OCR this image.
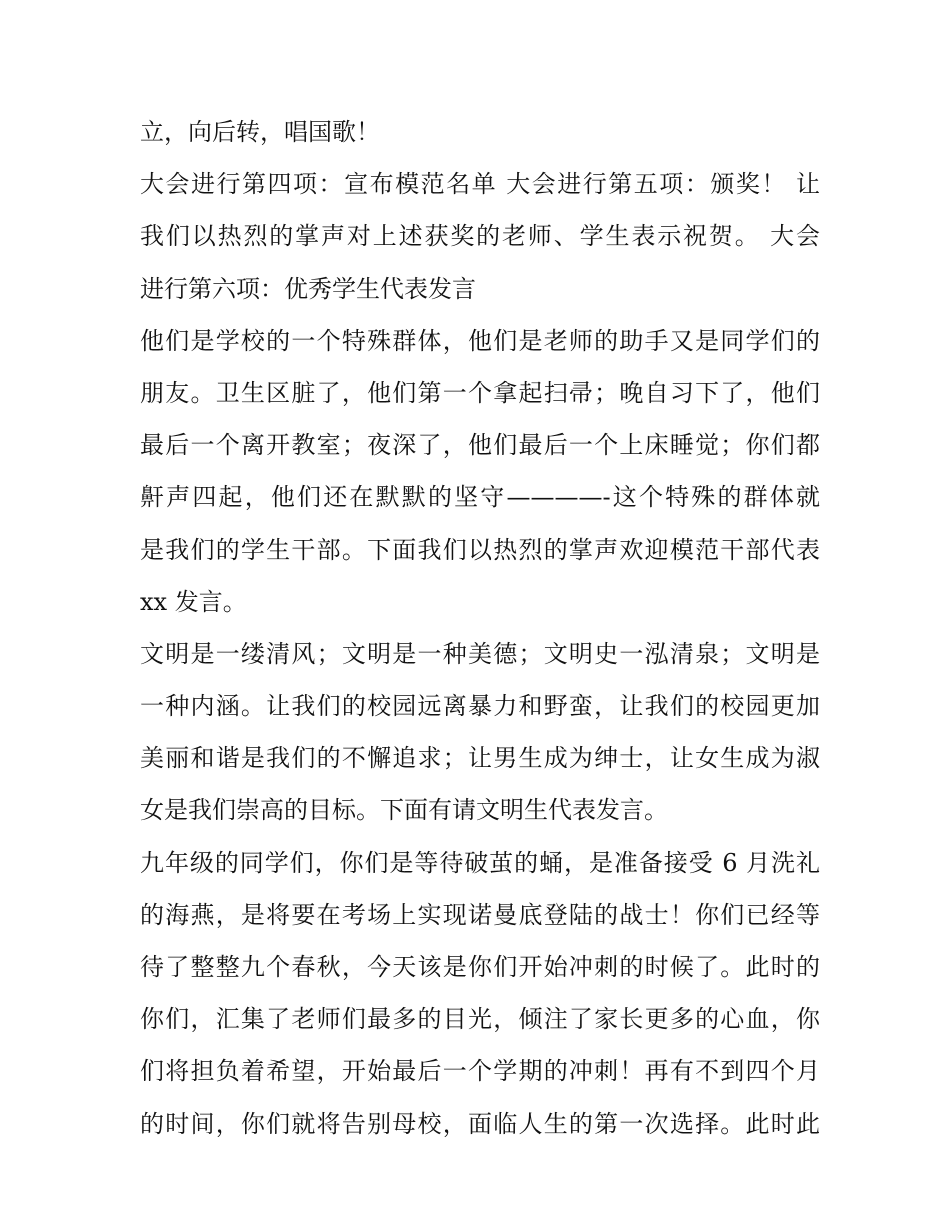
立，向后转，唱国歌！
大会进行第四项：宣布模范名单 大会进行第五项：颁奖！ 让
我们以热烈的掌声对上述获奖的老师、学生表示祝贺。 大会
进行第六项：优秀学生代表发言
他们是学校的一个特殊群体，他们是老师的助手又是同学们的
朋友。卫生区脏了，他们第一个拿起扫帚；晚自习下了，他们
最后一个离开教室；夜深了，他们最后一个上床睡觉；你们都
鼾声四起，他们还在默默的坚守————-这个特殊的群体就
是我们的学生干部。下面我们以热烈的掌声欢迎模范干部代表
xx 发言。
文明是一缕清风；文明是一种美德；文明史一泓清泉；文明是
一种内涵。让我们的校园远离暴力和野蛮，让我们的校园更加
美丽和谐是我们的不懈追求；让男生成为绅士，让女生成为淑
女是我们崇高的目标。下面有请文明生代表发言。
九年级的同学们，你们是等待破茧的蛹，是准备接受 6 月洗礼
的海燕，是将要在考场上实现诺曼底登陆的战士！你们已经等
待了整整九个春秋，今天该是你们开始冲刺的时候了。此时的
你们，汇集了老师们最多的目光，倾注了家长更多的心血，你
们将担负着希望，开始最后一个学期的冲刺！再有不到四个月
的时间，你们就将告别母校，面临人生的第一次选择。此时此
